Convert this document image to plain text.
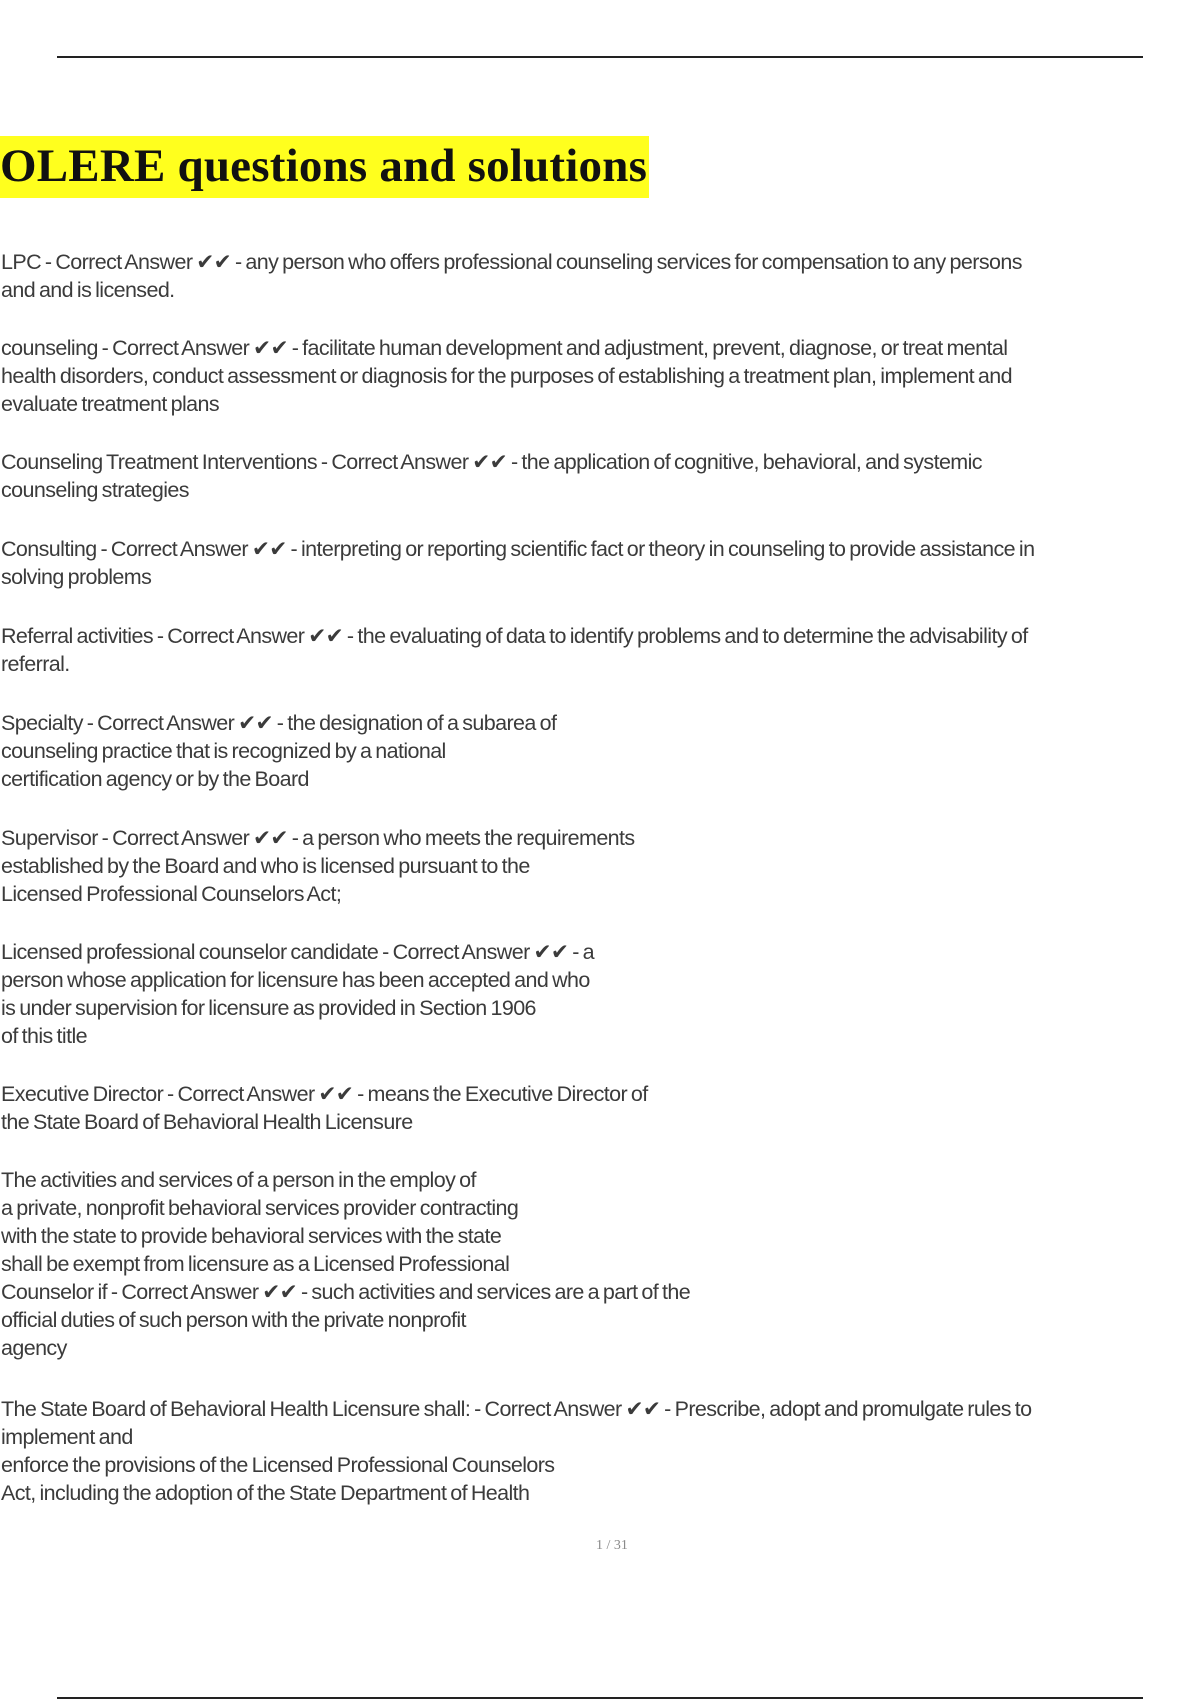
OLERE questions and solutions
LPC - Correct Answer ✔✔ - any person who offers professional counseling services for compensation to any persons
and and is licensed.
counseling - Correct Answer ✔✔ - facilitate human development and adjustment, prevent, diagnose, or treat mental
health disorders, conduct assessment or diagnosis for the purposes of establishing a treatment plan, implement and
evaluate treatment plans
Counseling Treatment Interventions - Correct Answer ✔✔ - the application of cognitive, behavioral, and systemic
counseling strategies
Consulting - Correct Answer ✔✔ - interpreting or reporting scientific fact or theory in counseling to provide assistance in
solving problems
Referral activities - Correct Answer ✔✔ - the evaluating of data to identify problems and to determine the advisability of
referral.
Specialty - Correct Answer ✔✔ - the designation of a subarea of
counseling practice that is recognized by a national
certification agency or by the Board
Supervisor - Correct Answer ✔✔ - a person who meets the requirements
established by the Board and who is licensed pursuant to the
Licensed Professional Counselors Act;
Licensed professional counselor candidate - Correct Answer ✔✔ - a
person whose application for licensure has been accepted and who
is under supervision for licensure as provided in Section 1906
of this title
Executive Director - Correct Answer ✔✔ - means the Executive Director of
the State Board of Behavioral Health Licensure
The activities and services of a person in the employ of
a private, nonprofit behavioral services provider contracting
with the state to provide behavioral services with the state
shall be exempt from licensure as a Licensed Professional
Counselor if - Correct Answer ✔✔ - such activities and services are a part of the
official duties of such person with the private nonprofit
agency
The State Board of Behavioral Health Licensure shall: - Correct Answer ✔✔ - Prescribe, adopt and promulgate rules to
implement and
enforce the provisions of the Licensed Professional Counselors
Act, including the adoption of the State Department of Health
1 / 31
